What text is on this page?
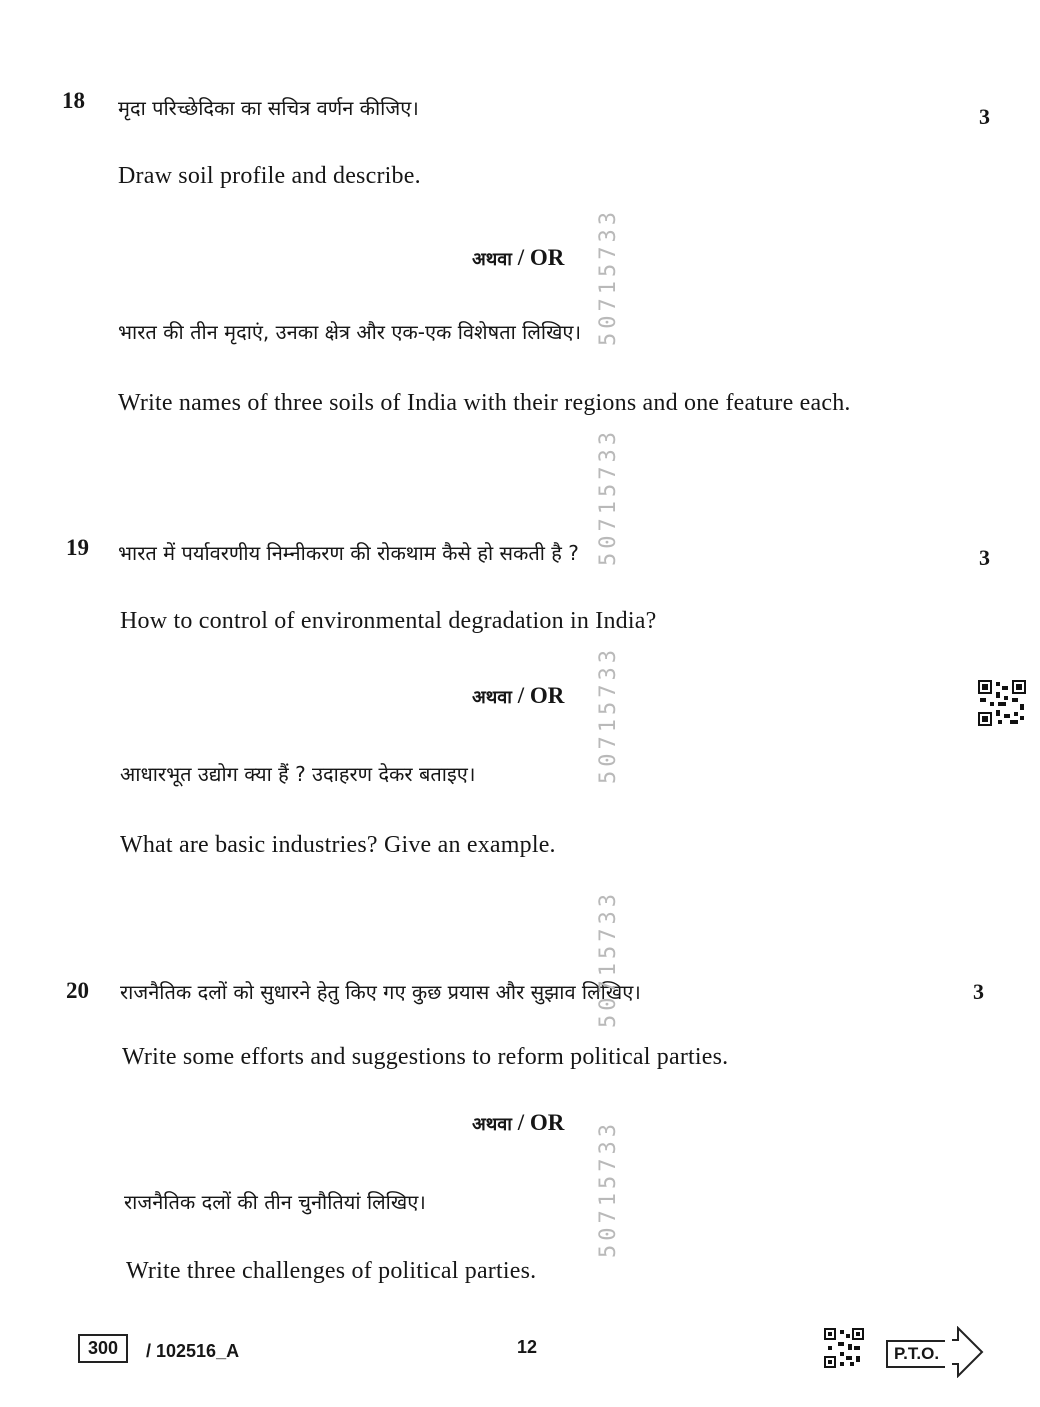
18 मृदा परिच्छेदिका का सचित्र वर्णन कीजिए।	3
Draw soil profile and describe.
अथवा / OR
भारत की तीन मृदाएं, उनका क्षेत्र और एक-एक विशेषता लिखिए।
Write names of three soils of India with their regions and one feature each.
19 भारत में पर्यावरणीय निम्नीकरण की रोकथाम कैसे हो सकती है ?	3
How to control of environmental degradation in India?
अथवा / OR
आधारभूत उद्योग क्या हैं ? उदाहरण देकर बताइए।
What are basic industries? Give an example.
20 राजनैतिक दलों को सुधारने हेतु किए गए कुछ प्रयास और सुझाव लिखिए।	3
Write some efforts and suggestions to reform political parties.
अथवा / OR
राजनैतिक दलों की तीन चुनौतियां लिखिए।
Write three challenges of political parties.
50715733
50715733
50715733
50715733
50715733
300	/ 102516_A	12	P.T.O.
